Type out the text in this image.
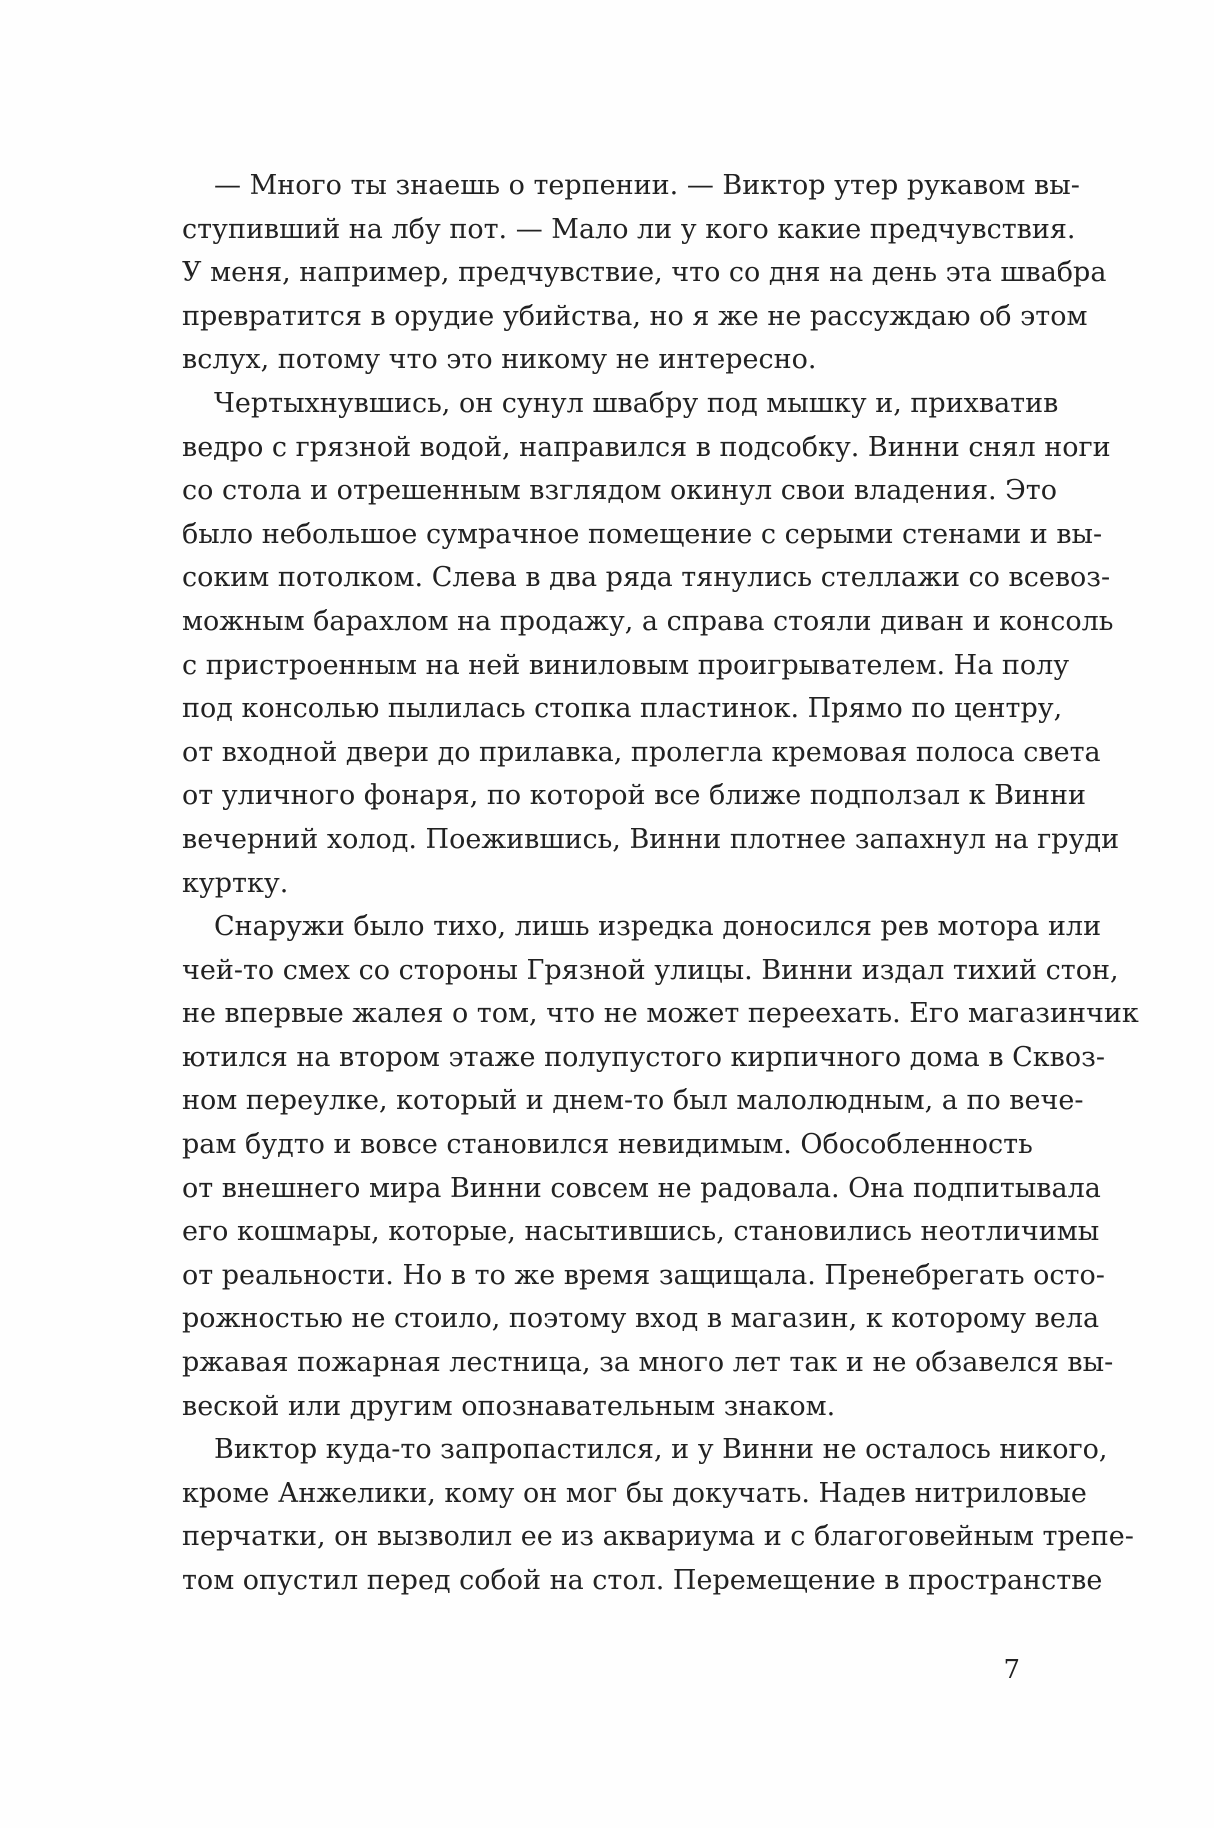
— Много ты знаешь о терпении. — Виктор утер рукавом вы-
ступивший на лбу пот. — Мало ли у кого какие предчувствия.
У меня, например, предчувствие, что со дня на день эта швабра
превратится в орудие убийства, но я же не рассуждаю об этом
вслух, потому что это никому не интересно.
Чертыхнувшись, он сунул швабру под мышку и, прихватив
ведро с грязной водой, направился в подсобку. Винни снял ноги
со стола и отрешенным взглядом окинул свои владения. Это
было небольшое сумрачное помещение с серыми стенами и вы-
соким потолком. Слева в два ряда тянулись стеллажи со всевоз-
можным барахлом на продажу, а справа стояли диван и консоль
с пристроенным на ней виниловым проигрывателем. На полу
под консолью пылилась стопка пластинок. Прямо по центру,
от входной двери до прилавка, пролегла кремовая полоса света
от уличного фонаря, по которой все ближе подползал к Винни
вечерний холод. Поежившись, Винни плотнее запахнул на груди
куртку.
Снаружи было тихо, лишь изредка доносился рев мотора или
чей-то смех со стороны Грязной улицы. Винни издал тихий стон,
не впервые жалея о том, что не может переехать. Его магазинчик
ютился на втором этаже полупустого кирпичного дома в Сквоз-
ном переулке, который и днем-то был малолюдным, а по вече-
рам будто и вовсе становился невидимым. Обособленность
от внешнего мира Винни совсем не радовала. Она подпитывала
его кошмары, которые, насытившись, становились неотличимы
от реальности. Но в то же время защищала. Пренебрегать осто-
рожностью не стоило, поэтому вход в магазин, к которому вела
ржавая пожарная лестница, за много лет так и не обзавелся вы-
веской или другим опознавательным знаком.
Виктор куда-то запропастился, и у Винни не осталось никого,
кроме Анжелики, кому он мог бы докучать. Надев нитриловые
перчатки, он вызволил ее из аквариума и с благоговейным трепе-
том опустил перед собой на стол. Перемещение в пространстве
7
